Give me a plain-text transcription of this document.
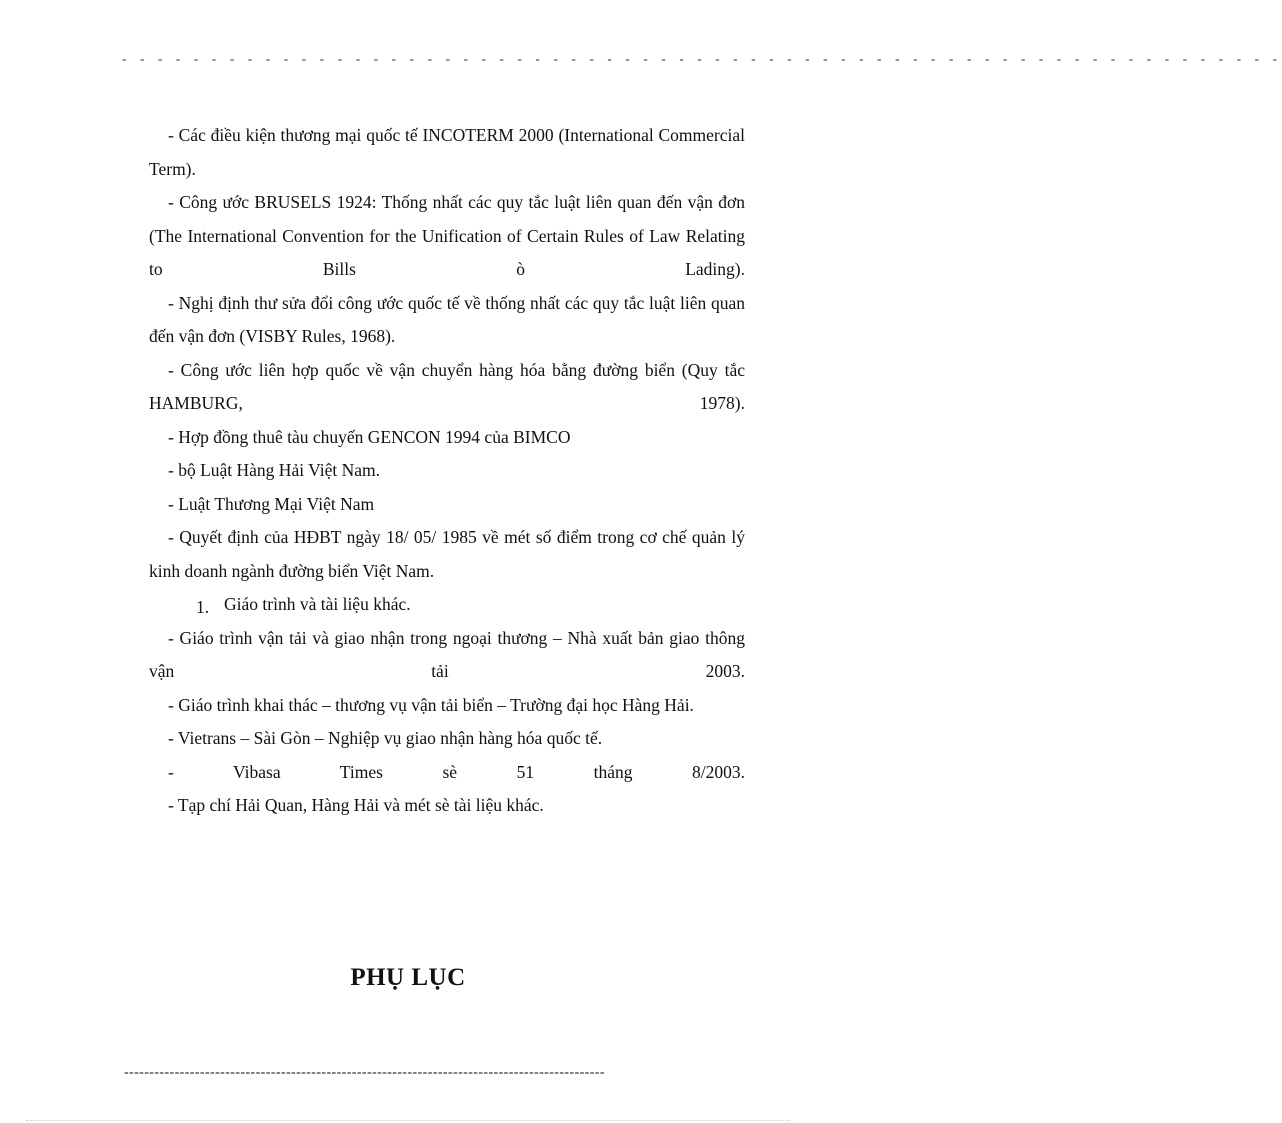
- - - - - - - - - - - - - - - - - - - - - - - - - - - - - - - - - - - - - - - - - - - - - - - - - - - - - - - - - - - - - - - - -

- Các điều kiện thương mại quốc tế INCOTERM 2000 (International Commercial Term).

- Công ước BRUSELS 1924: Thống nhất các quy tắc luật liên quan đến vận đơn (The International Convention for the Unification of Certain Rules of Law Relating to Bills ò Lading).

- Nghị định thư sửa đổi công ước quốc tế về thống nhất các quy tắc luật liên quan đến vận đơn (VISBY Rules, 1968).

- Công ước liên hợp quốc về vận chuyển hàng hóa bằng đường biển (Quy tắc HAMBURG, 1978).

- Hợp đồng thuê tàu chuyến GENCON 1994 của BIMCO

- bộ Luật Hàng Hải Việt Nam.

- Luật Thương Mại Việt Nam

- Quyết định của HĐBT ngày 18/ 05/ 1985 về mét số điểm trong cơ chế quản lý kinh doanh ngành đường biển Việt Nam.

1. Giáo trình và tài liệu khác.

- Giáo trình vận tải và giao nhận trong ngoại thương – Nhà xuất bản giao thông vận tải 2003.

- Giáo trình khai thác – thương vụ vận tải biển – Trường đại học Hàng Hải.

- Vietrans – Sài Gòn – Nghiệp vụ giao nhận hàng hóa quốc tế.

- Vibasa Times sè 51 tháng 8/2003.

- Tạp chí Hải Quan, Hàng Hải và mét sè tài liệu khác.

PHỤ LỤC
-----------------------------------------------------------------------------------------------
